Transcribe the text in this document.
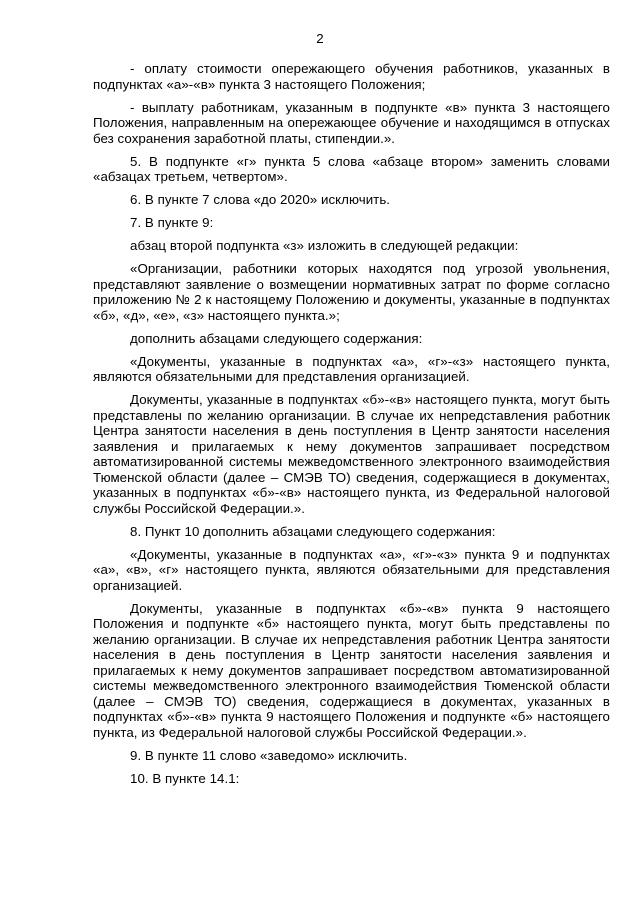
2

- оплату стоимости опережающего обучения работников, указанных в подпунктах «а»-«в» пункта 3 настоящего Положения;

- выплату работникам, указанным в подпункте «в» пункта 3 настоящего Положения, направленным на опережающее обучение и находящимся в отпусках без сохранения заработной платы, стипендии.».

5. В подпункте «г» пункта 5 слова «абзаце втором» заменить словами «абзацах третьем, четвертом».

6. В пункте 7 слова «до 2020» исключить.

7. В пункте 9:

абзац второй подпункта «з» изложить в следующей редакции:

«Организации, работники которых находятся под угрозой увольнения, представляют заявление о возмещении нормативных затрат по форме согласно приложению № 2 к настоящему Положению и документы, указанные в подпунктах «б», «д», «е», «з» настоящего пункта.»;

дополнить абзацами следующего содержания:

«Документы, указанные в подпунктах «а», «г»-«з» настоящего пункта, являются обязательными для представления организацией.

Документы, указанные в подпунктах «б»-«в» настоящего пункта, могут быть представлены по желанию организации. В случае их непредставления работник Центра занятости населения в день поступления в Центр занятости населения заявления и прилагаемых к нему документов запрашивает посредством автоматизированной системы межведомственного электронного взаимодействия Тюменской области (далее – СМЭВ ТО) сведения, содержащиеся в документах, указанных в подпунктах «б»-«в» настоящего пункта, из Федеральной налоговой службы Российской Федерации.».

8. Пункт 10 дополнить абзацами следующего содержания:

«Документы, указанные в подпунктах «а», «г»-«з» пункта 9 и подпунктах «а», «в», «г» настоящего пункта, являются обязательными для представления организацией.

Документы, указанные в подпунктах «б»-«в» пункта 9 настоящего Положения и подпункте «б» настоящего пункта, могут быть представлены по желанию организации. В случае их непредставления работник Центра занятости населения в день поступления в Центр занятости населения заявления и прилагаемых к нему документов запрашивает посредством автоматизированной системы межведомственного электронного взаимодействия Тюменской области (далее – СМЭВ ТО) сведения, содержащиеся в документах, указанных в подпунктах «б»-«в» пункта 9 настоящего Положения и подпункте «б» настоящего пункта, из Федеральной налоговой службы Российской Федерации.».

9. В пункте 11 слово «заведомо» исключить.

10. В пункте 14.1:
